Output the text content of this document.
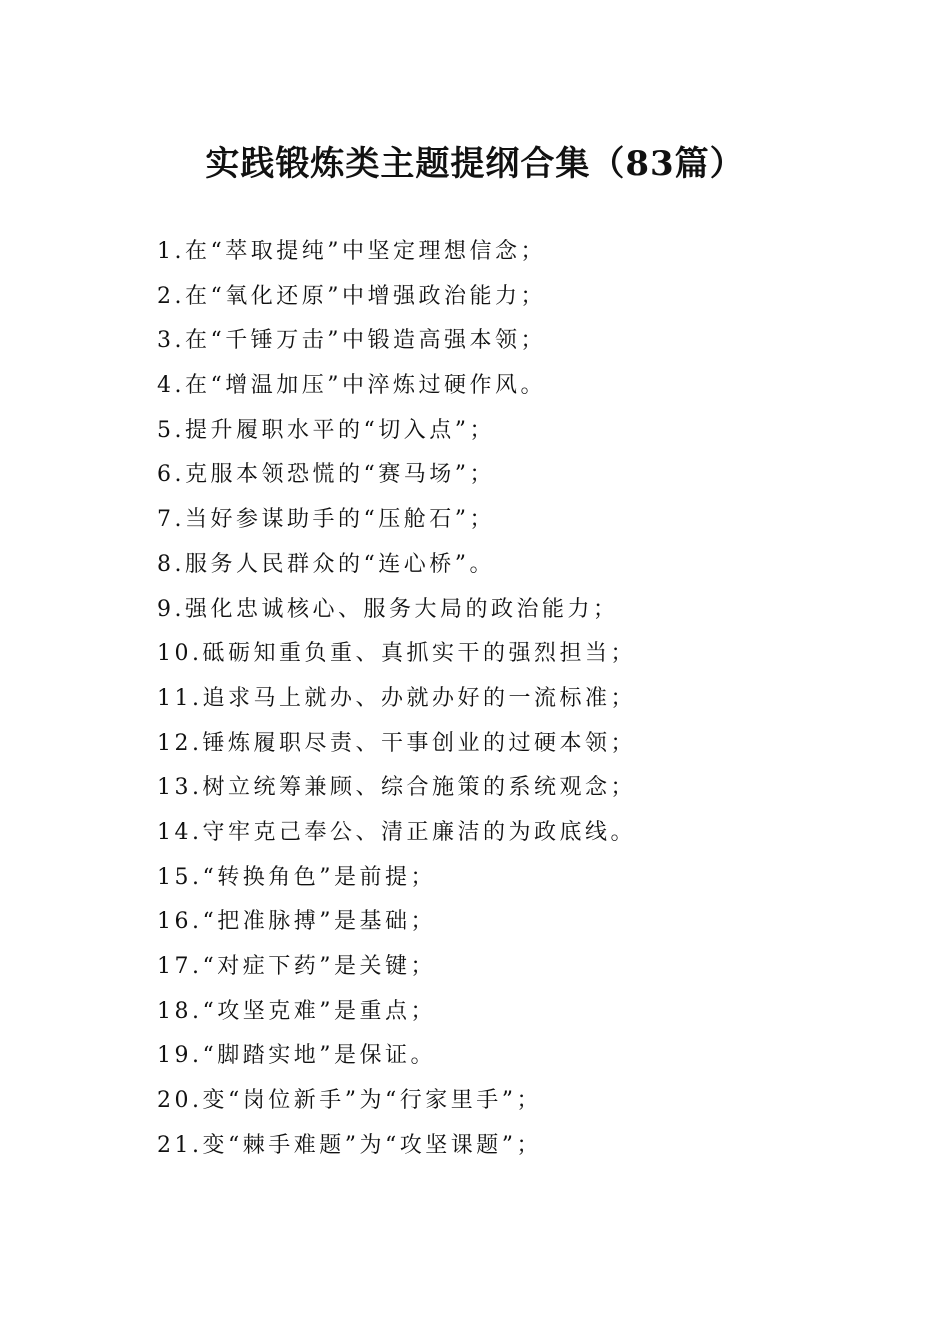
实践锻炼类主题提纲合集（83篇）
1.在“萃取提纯”中坚定理想信念；
2.在“氧化还原”中增强政治能力；
3.在“千锤万击”中锻造高强本领；
4.在“增温加压”中淬炼过硬作风。
5.提升履职水平的“切入点”；
6.克服本领恐慌的“赛马场”；
7.当好参谋助手的“压舱石”；
8.服务人民群众的“连心桥”。
9.强化忠诚核心、服务大局的政治能力；
10.砥砺知重负重、真抓实干的强烈担当；
11.追求马上就办、办就办好的一流标准；
12.锤炼履职尽责、干事创业的过硬本领；
13.树立统筹兼顾、综合施策的系统观念；
14.守牢克己奉公、清正廉洁的为政底线。
15.“转换角色”是前提；
16.“把准脉搏”是基础；
17.“对症下药”是关键；
18.“攻坚克难”是重点；
19.“脚踏实地”是保证。
20.变“岗位新手”为“行家里手”；
21.变“棘手难题”为“攻坚课题”；
